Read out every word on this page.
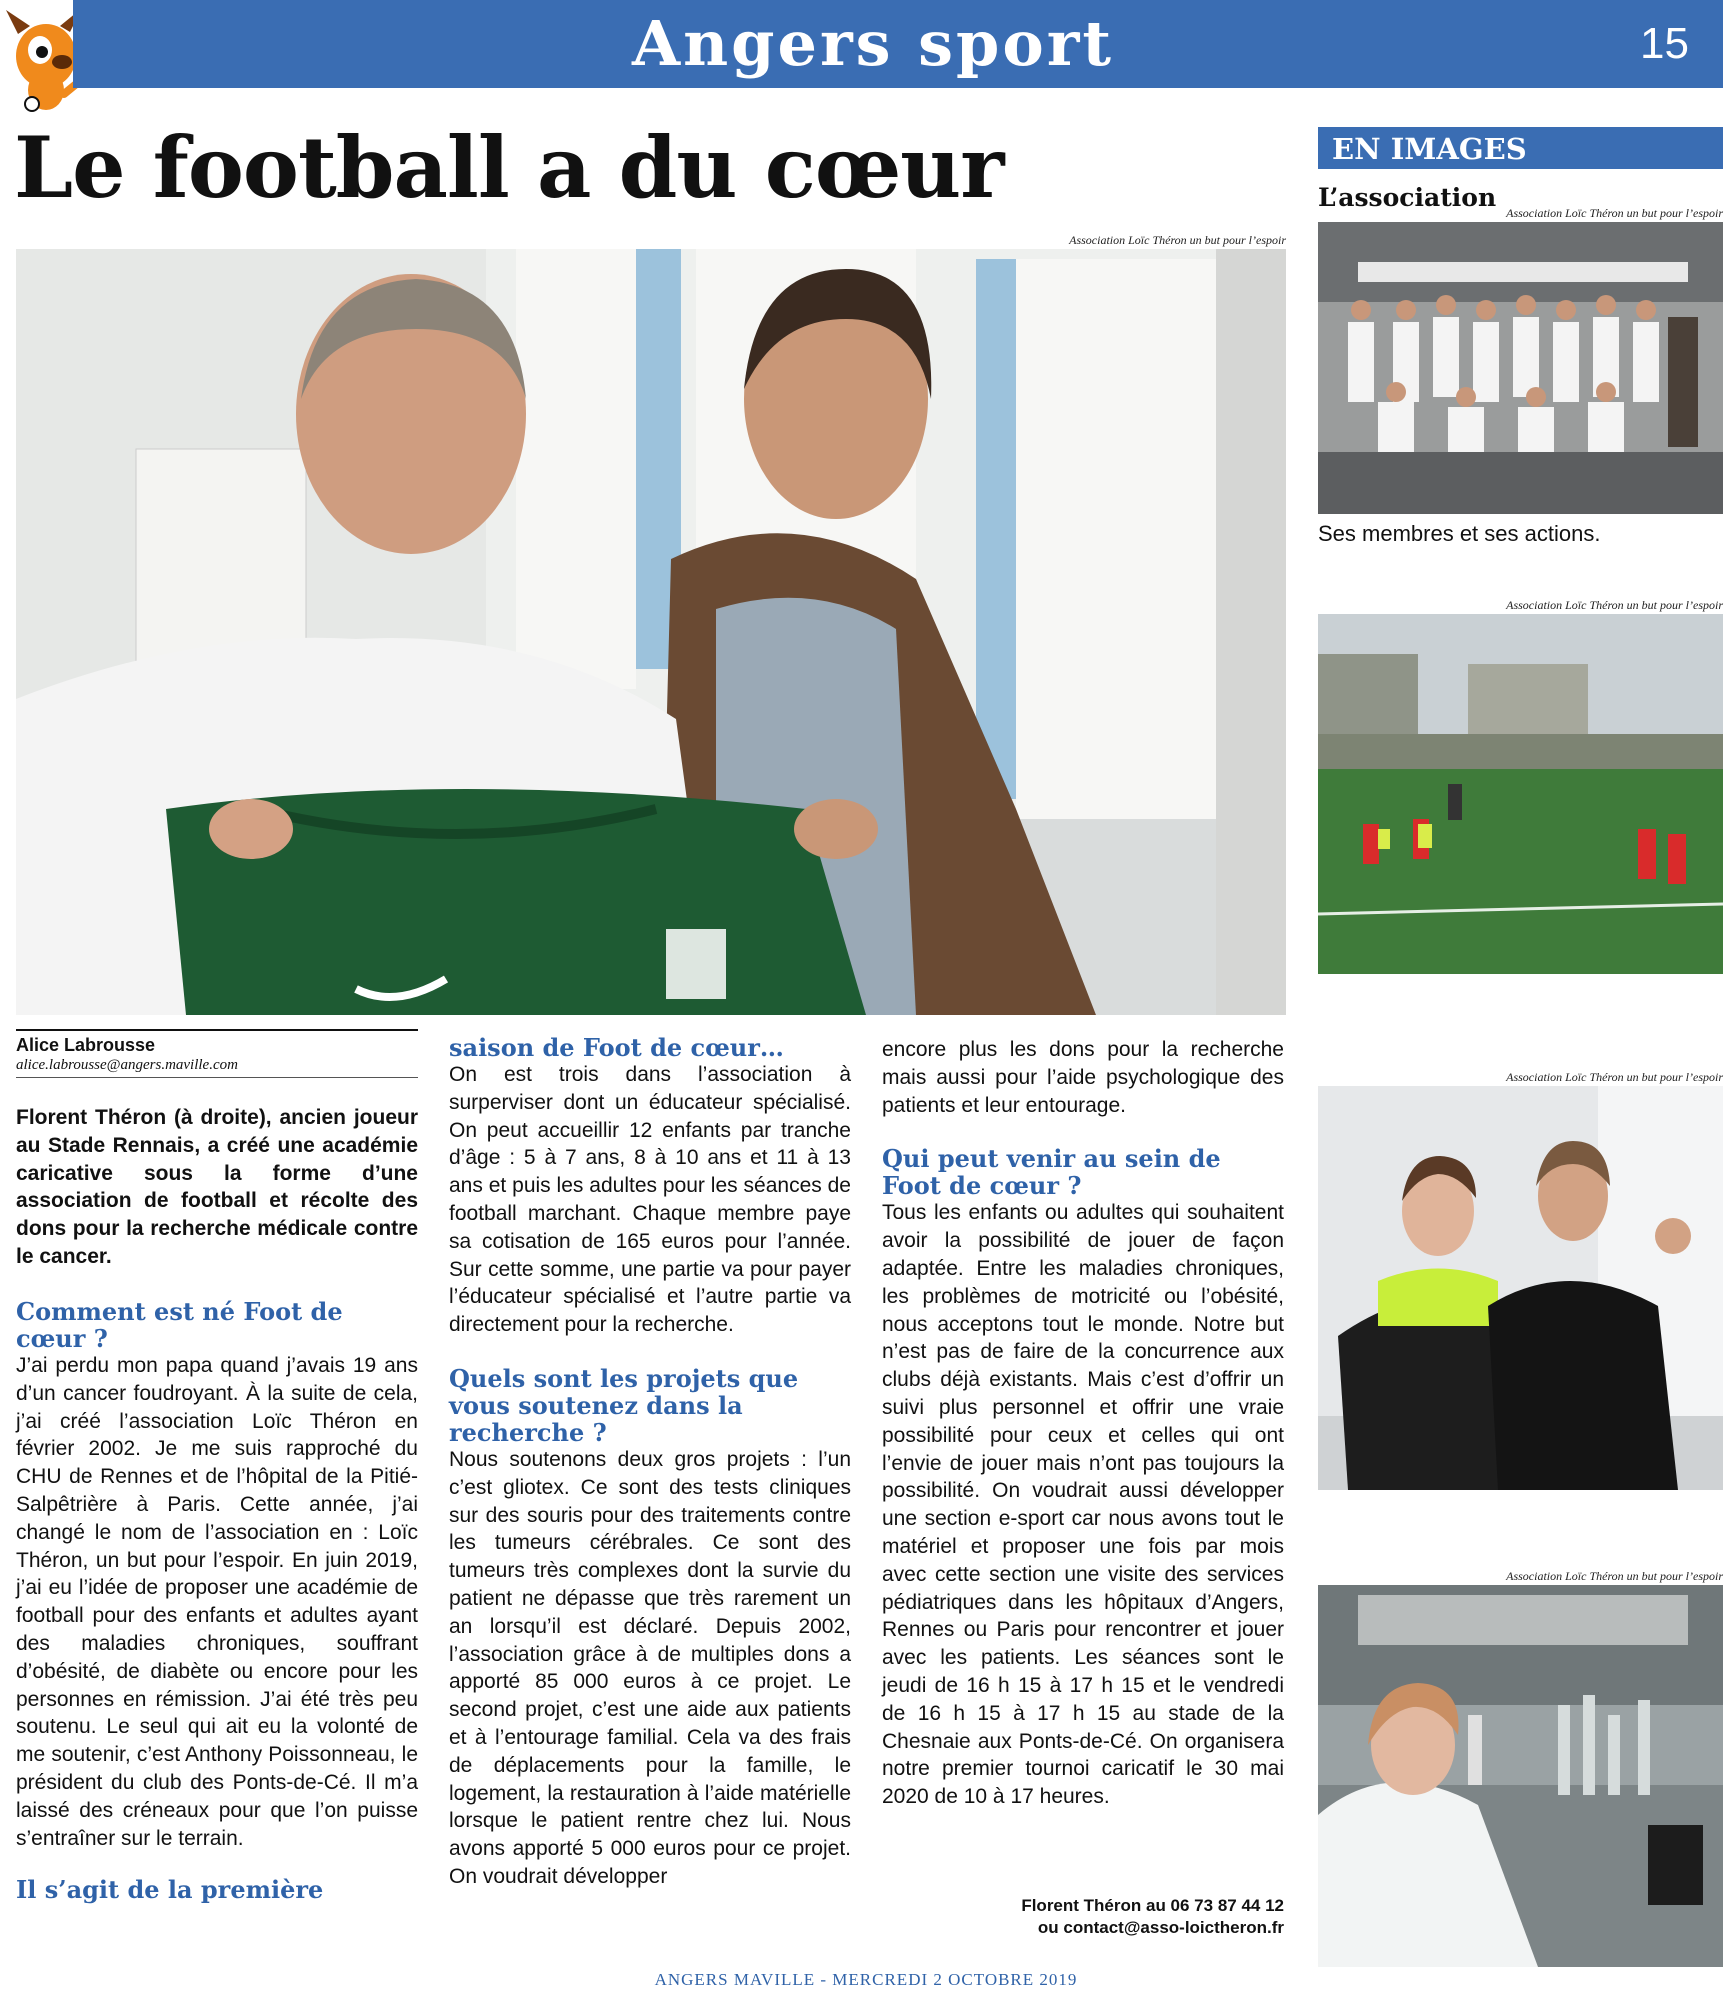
Angers sport	15
Le football a du cœur
Association Loïc Théron un but pour l’espoir
EN IMAGES
L’association
Association Loïc Théron un but pour l’espoir
Ses membres et ses actions.
Association Loïc Théron un but pour l’espoir
Association Loïc Théron un but pour l’espoir
Association Loïc Théron un but pour l’espoir
Alice Labrousse
alice.labrousse@angers.maville.com

Florent Théron (à droite), ancien joueur au Stade Rennais, a créé une académie caricative sous la forme d’une association de football et récolte des dons pour la recherche médicale contre le cancer.

Comment est né Foot de cœur ?

J’ai perdu mon papa quand j’avais 19 ans d’un cancer foudroyant. À la suite de cela, j’ai créé l’association Loïc Théron en février 2002. Je me suis rapproché du CHU de Rennes et de l’hôpital de la Pitié-Salpêtrière à Paris. Cette année, j’ai changé le nom de l’association en : Loïc Théron, un but pour l’espoir. En juin 2019, j’ai eu l’idée de proposer une académie de football pour des enfants et adultes ayant des maladies chroniques, souffrant d’obésité, de diabète ou encore pour les personnes en rémission. J’ai été très peu soutenu. Le seul qui ait eu la volonté de me soutenir, c’est Anthony Poissonneau, le président du club des Ponts-de-Cé. Il m’a laissé des créneaux pour que l’on puisse s’entraîner sur le terrain.

Il s’agit de la première
saison de Foot de cœur…

On est trois dans l’association à surperviser dont un éducateur spécialisé. On peut accueillir 12 enfants par tranche d’âge : 5 à 7 ans, 8 à 10 ans et 11 à 13 ans et puis les adultes pour les séances de football marchant. Chaque membre paye sa cotisation de 165 euros pour l’année. Sur cette somme, une partie va pour payer l’éducateur spécialisé et l’autre partie va directement pour la recherche.

Quels sont les projets que vous soutenez dans la recherche ?

Nous soutenons deux gros projets : l’un c’est gliotex. Ce sont des tests cliniques sur des souris pour des traitements contre les tumeurs cérébrales. Ce sont des tumeurs très complexes dont la survie du patient ne dépasse que très rarement un an lorsqu’il est déclaré. Depuis 2002, l’association grâce à de multiples dons a apporté 85 000 euros à ce projet. Le second projet, c’est une aide aux patients et à l’entourage familial. Cela va des frais de déplacements pour la famille, le logement, la restauration à l’aide matérielle lorsque le patient rentre chez lui. Nous avons apporté 5 000 euros pour ce projet. On voudrait développer

encore plus les dons pour la recherche mais aussi pour l’aide psychologique des patients et leur entourage.

Qui peut venir au sein de Foot de cœur ?

Tous les enfants ou adultes qui souhaitent avoir la possibilité de jouer de façon adaptée. Entre les maladies chroniques, les problèmes de motricité ou l’obésité, nous acceptons tout le monde. Notre but n’est pas de faire de la concurrence aux clubs déjà existants. Mais c’est d’offrir un suivi plus personnel et offrir une vraie possibilité pour ceux et celles qui ont l’envie de jouer mais n’ont pas toujours la possibilité. On voudrait aussi développer une section e-sport car nous avons tout le matériel et proposer une fois par mois avec cette section une visite des services pédiatriques dans les hôpitaux d’Angers, Rennes ou Paris pour rencontrer et jouer avec les patients. Les séances sont le jeudi de 16 h 15 à 17 h 15 et le vendredi de 16 h 15 à 17 h 15 au stade de la Chesnaie aux Ponts-de-Cé. On organisera notre premier tournoi caricatif le 30 mai 2020 de 10 à 17 heures.

Florent Théron au 06 73 87 44 12
ou contact@asso-loictheron.fr
ANGERS MAVILLE - MERCREDI 2 OCTOBRE 2019
